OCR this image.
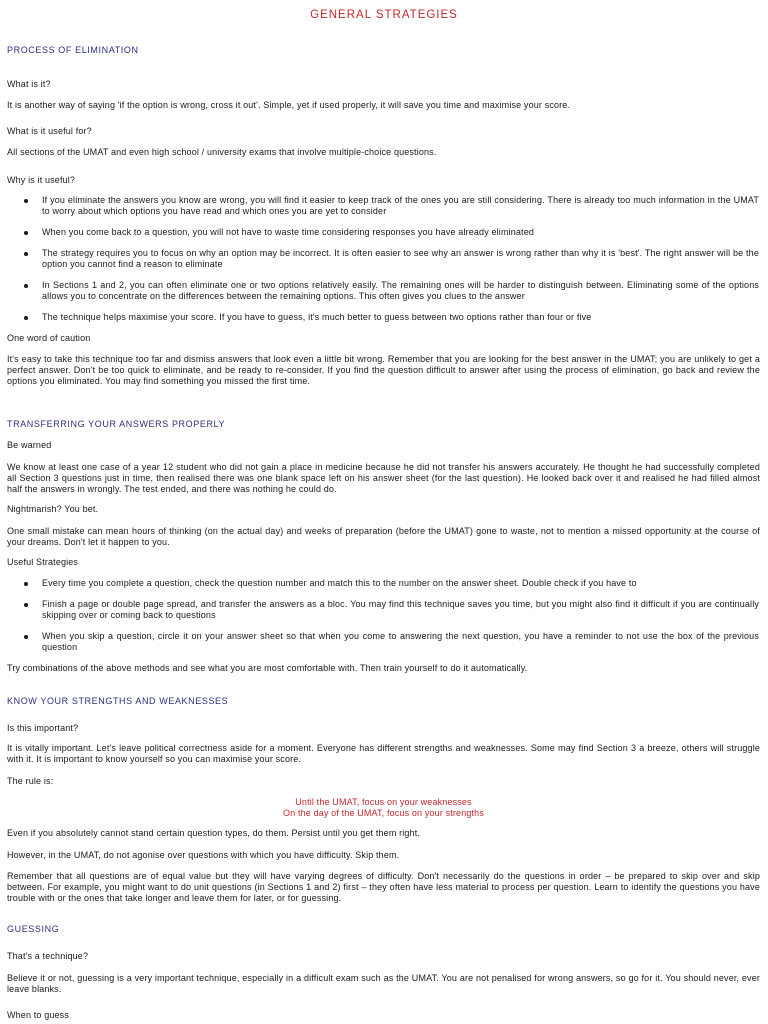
GENERAL STRATEGIES

PROCESS OF ELIMINATION

What is it?

It is another way of saying 'if the option is wrong, cross it out'. Simple, yet if used properly, it will save you time and maximise your score.

What is it useful for?

All sections of the UMAT and even high school / university exams that involve multiple-choice questions.

Why is it useful?

If you eliminate the answers you know are wrong, you will find it easier to keep track of the ones you are still considering. There is already too much information in the UMAT to worry about which options you have read and which ones you are yet to consider
When you come back to a question, you will not have to waste time considering responses you have already eliminated
The strategy requires you to focus on why an option may be incorrect. It is often easier to see why an answer is wrong rather than why it is 'best'. The right answer will be the option you cannot find a reason to eliminate
In Sections 1 and 2, you can often eliminate one or two options relatively easily. The remaining ones will be harder to distinguish between. Eliminating some of the options allows you to concentrate on the differences between the remaining options. This often gives you clues to the answer
The technique helps maximise your score. If you have to guess, it's much better to guess between two options rather than four or five

One word of caution

It's easy to take this technique too far and dismiss answers that look even a little bit wrong. Remember that you are looking for the best answer in the UMAT; you are unlikely to get a perfect answer. Don't be too quick to eliminate, and be ready to re-consider. If you find the question difficult to answer after using the process of elimination, go back and review the options you eliminated. You may find something you missed the first time.

TRANSFERRING YOUR ANSWERS PROPERLY

Be warned

We know at least one case of a year 12 student who did not gain a place in medicine because he did not transfer his answers accurately. He thought he had successfully completed all Section 3 questions just in time, then realised there was one blank space left on his answer sheet (for the last question). He looked back over it and realised he had filled almost half the answers in wrongly. The test ended, and there was nothing he could do.

Nightmarish? You bet.

One small mistake can mean hours of thinking (on the actual day) and weeks of preparation (before the UMAT) gone to waste, not to mention a missed opportunity at the course of your dreams. Don't let it happen to you.

Useful Strategies

Every time you complete a question, check the question number and match this to the number on the answer sheet. Double check if you have to
Finish a page or double page spread, and transfer the answers as a bloc. You may find this technique saves you time, but you might also find it difficult if you are continually skipping over or coming back to questions
When you skip a question, circle it on your answer sheet so that when you come to answering the next question, you have a reminder to not use the box of the previous question

Try combinations of the above methods and see what you are most comfortable with. Then train yourself to do it automatically.

KNOW YOUR STRENGTHS AND WEAKNESSES

Is this important?

It is vitally important. Let's leave political correctness aside for a moment. Everyone has different strengths and weaknesses. Some may find Section 3 a breeze, others will struggle with it. It is important to know yourself so you can maximise your score.

The rule is:

Until the UMAT, focus on your weaknesses

On the day of the UMAT, focus on your strengths

Even if you absolutely cannot stand certain question types, do them. Persist until you get them right.

However, in the UMAT, do not agonise over questions with which you have difficulty. Skip them.

Remember that all questions are of equal value but they will have varying degrees of difficulty. Don't necessarily do the questions in order – be prepared to skip over and skip between. For example, you might want to do unit questions (in Sections 1 and 2) first – they often have less material to process per question. Learn to identify the questions you have trouble with or the ones that take longer and leave them for later, or for guessing.

GUESSING

That's a technique?

Believe it or not, guessing is a very important technique, especially in a difficult exam such as the UMAT. You are not penalised for wrong answers, so go for it. You should never, ever leave blanks.

When to guess
